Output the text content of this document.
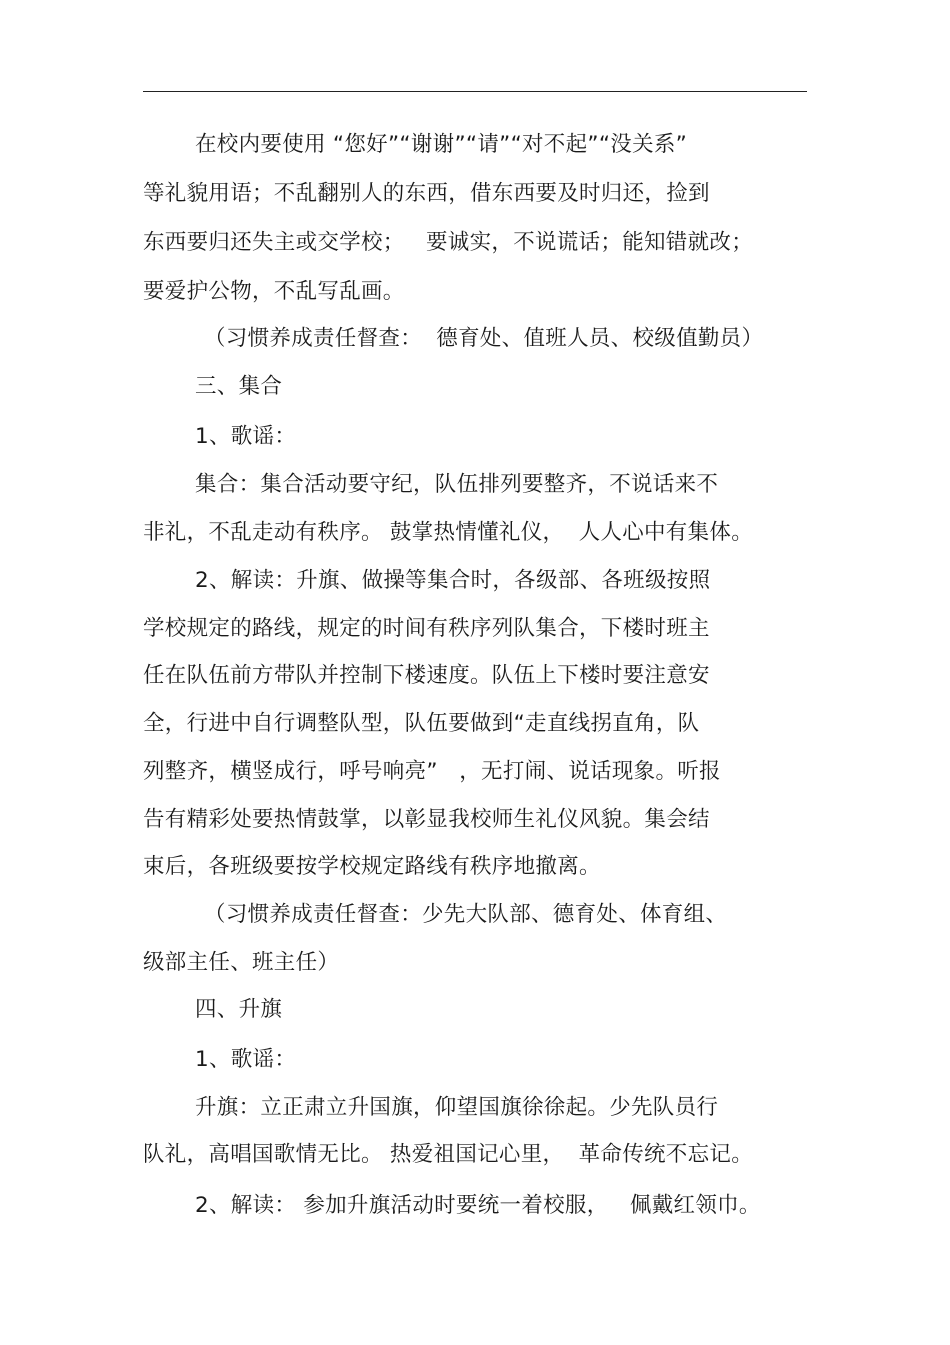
在校内要使用 “您好”“谢谢”“请”“对不起”“没关系”
等礼貌用语；不乱翻别人的东西，借东西要及时归还，捡到
东西要归还失主或交学校；   要诚实，不说谎话；能知错就改；
要爱护公物，不乱写乱画。
（习惯养成责任督查：  德育处、值班人员、校级值勤员）
三、集合
1、歌谣：
集合：集合活动要守纪，队伍排列要整齐，不说话来不
非礼，不乱走动有秩序。 鼓掌热情懂礼仪，  人人心中有集体。
2、解读：升旗、做操等集合时，各级部、各班级按照
学校规定的路线，规定的时间有秩序列队集合，下楼时班主
任在队伍前方带队并控制下楼速度。队伍上下楼时要注意安
全，行进中自行调整队型，队伍要做到“走直线拐直角，队
列整齐，横竖成行，呼号响亮”   ，无打闹、说话现象。听报
告有精彩处要热情鼓掌，以彰显我校师生礼仪风貌。集会结
束后，各班级要按学校规定路线有秩序地撤离。
（习惯养成责任督查：少先大队部、德育处、体育组、
级部主任、班主任）
四、升旗
1、歌谣：
升旗：立正肃立升国旗，仰望国旗徐徐起。少先队员行
队礼，高唱国歌情无比。 热爱祖国记心里，  革命传统不忘记。
2、解读： 参加升旗活动时要统一着校服，   佩戴红领巾。
